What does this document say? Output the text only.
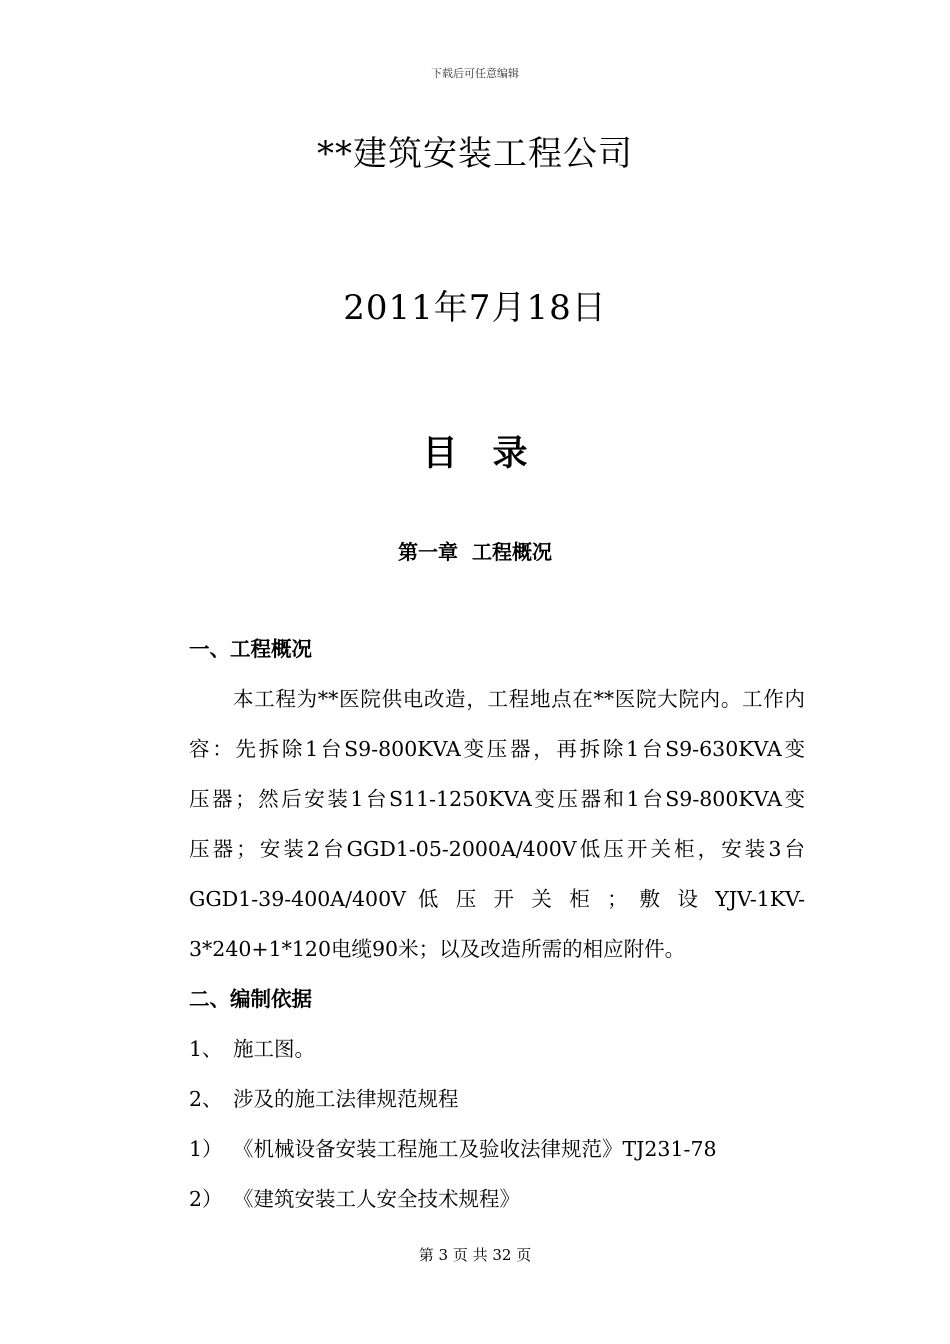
下载后可任意编辑
**建筑安装工程公司
2011年7月18日
目　录
第一章  工程概况
一、工程概况
本工程为**医院供电改造，工程地点在**医院大院内。工作内
容：先拆除1台S9-800KVA变压器，再拆除1台S9-630KVA变
压器；然后安装1台S11-1250KVA变压器和1台S9-800KVA变
压器；安装2台GGD1-05-2000A/400V低压开关柜，安装3台
GGD1-39-400A/400V 低 压 开 关 柜 ； 敷 设 YJV-1KV-
3*240+1*120电缆90米；以及改造所需的相应附件。
二、编制依据
1、 施工图。
2、 涉及的施工法律规范规程
1） 《机械设备安装工程施工及验收法律规范》TJ231-78
2） 《建筑安装工人安全技术规程》
第 3 页 共 32 页
